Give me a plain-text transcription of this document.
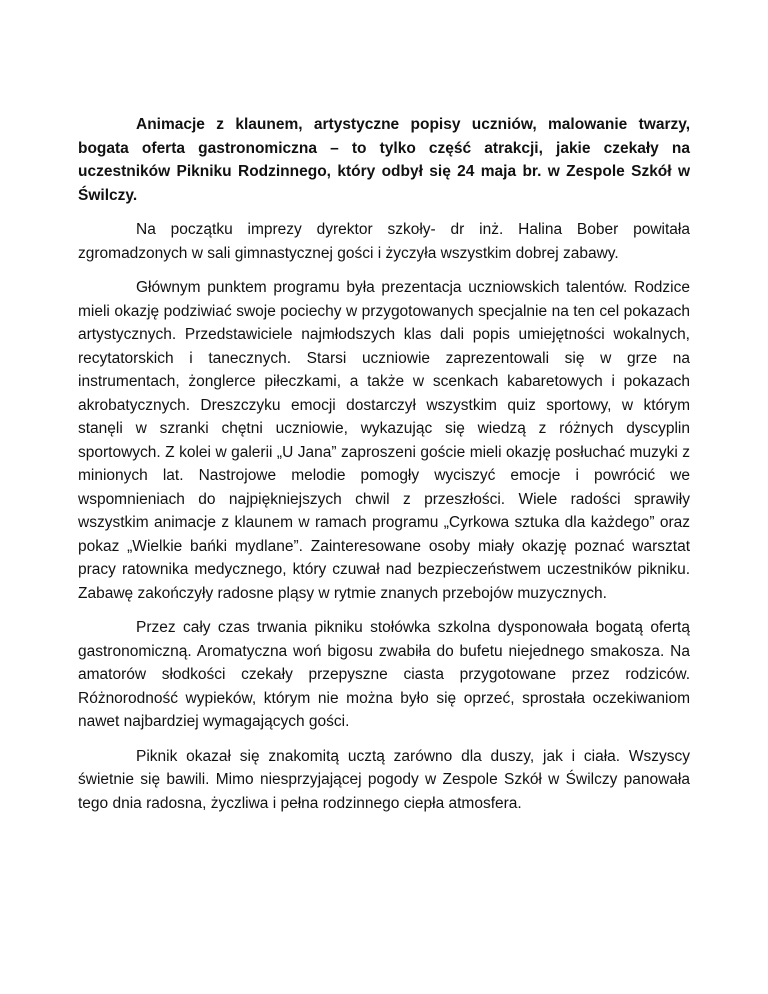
Animacje z klaunem, artystyczne popisy uczniów, malowanie twarzy, bogata oferta gastronomiczna – to tylko część atrakcji, jakie czekały na uczestników Pikniku Rodzinnego, który odbył się 24 maja br. w Zespole Szkół w Świlczy.

Na początku imprezy dyrektor szkoły- dr inż. Halina Bober powitała zgromadzonych w sali gimnastycznej gości i życzyła wszystkim dobrej zabawy.

Głównym punktem programu była prezentacja uczniowskich talentów. Rodzice mieli okazję podziwiać swoje pociechy w przygotowanych specjalnie na ten cel pokazach artystycznych. Przedstawiciele najmłodszych klas dali popis umiejętności wokalnych, recytatorskich i tanecznych. Starsi uczniowie zaprezentowali się w grze na instrumentach, żonglerce piłeczkami, a także w scenkach kabaretowych i pokazach akrobatycznych. Dreszczyku emocji dostarczył wszystkim quiz sportowy, w którym stanęli w szranki chętni uczniowie, wykazując się wiedzą z różnych dyscyplin sportowych. Z kolei w galerii „U Jana” zaproszeni goście mieli okazję posłuchać muzyki z minionych lat. Nastrojowe melodie pomogły wyciszyć emocje i powrócić we wspomnieniach do najpiękniejszych chwil z przeszłości. Wiele radości sprawiły wszystkim animacje z klaunem w ramach programu „Cyrkowa sztuka dla każdego” oraz pokaz „Wielkie bańki mydlane”. Zainteresowane osoby miały okazję poznać warsztat pracy ratownika medycznego, który czuwał nad bezpieczeństwem uczestników pikniku. Zabawę zakończyły radosne pląsy w rytmie znanych przebojów muzycznych.

Przez cały czas trwania pikniku stołówka szkolna dysponowała bogatą ofertą gastronomiczną. Aromatyczna woń bigosu zwabiła do bufetu niejednego smakosza. Na amatorów słodkości czekały przepyszne ciasta przygotowane przez rodziców. Różnorodność wypieków, którym nie można było się oprzeć, sprostała oczekiwaniom nawet najbardziej wymagających gości.

Piknik okazał się znakomitą ucztą zarówno dla duszy, jak i ciała. Wszyscy świetnie się bawili. Mimo niesprzyjającej pogody w Zespole Szkół w Świlczy panowała tego dnia radosna, życzliwa i pełna rodzinnego ciepła atmosfera.
